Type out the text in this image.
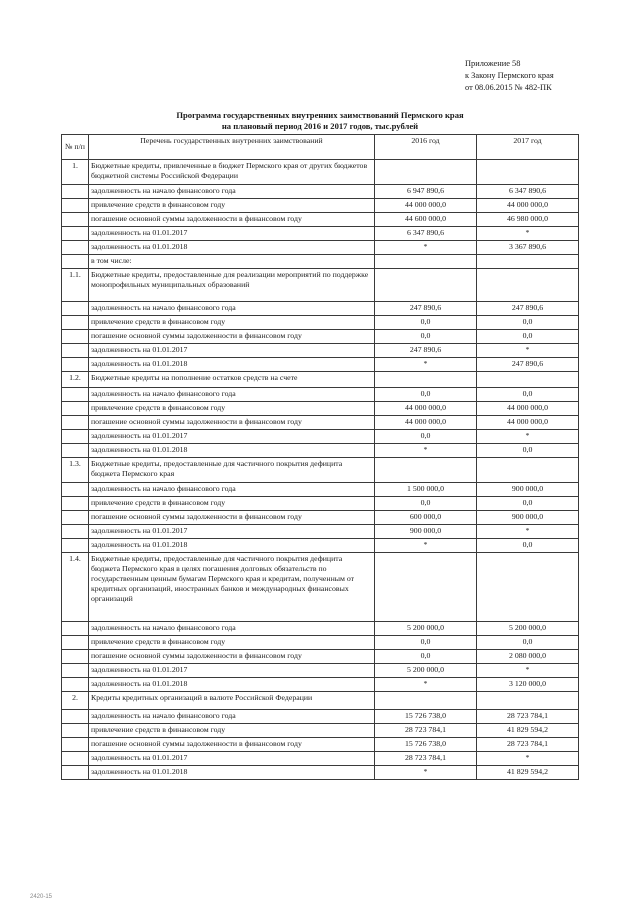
Приложение 58
к Закону Пермского края
от 08.06.2015 № 482-ПК
Программа государственных внутренних заимствований Пермского края
на плановый период 2016 и 2017 годов, тыс.рублей
№ п/п	Перечень государственных внутренних заимствований	2016 год	2017 год
1.	Бюджетные кредиты, привлеченные в бюджет Пермского края от других бюджетов бюджетной системы Российской Федерации		
	задолженность на начало финансового года	6 947 890,6	6 347 890,6
	привлечение средств в финансовом году	44 000 000,0	44 000 000,0
	погашение основной суммы задолженности в финансовом году	44 600 000,0	46 980 000,0
	задолженность на 01.01.2017	6 347 890,6	*
	задолженность на 01.01.2018	*	3 367 890,6
	в том числе:		
1.1.	Бюджетные кредиты, предоставленные для реализации мероприятий по поддержке монопрофильных муниципальных образований		
	задолженность на начало финансового года	247 890,6	247 890,6
	привлечение средств в финансовом году	0,0	0,0
	погашение основной суммы задолженности в финансовом году	0,0	0,0
	задолженность на 01.01.2017	247 890,6	*
	задолженность на 01.01.2018	*	247 890,6
1.2.	Бюджетные кредиты на пополнение остатков средств на счете		
	задолженность на начало финансового года	0,0	0,0
	привлечение средств в финансовом году	44 000 000,0	44 000 000,0
	погашение основной суммы задолженности в финансовом году	44 000 000,0	44 000 000,0
	задолженность на 01.01.2017	0,0	*
	задолженность на 01.01.2018	*	0,0
1.3.	Бюджетные кредиты, предоставленные для частичного покрытия дефицита бюджета Пермского края		
	задолженность на начало финансового года	1 500 000,0	900 000,0
	привлечение средств в финансовом году	0,0	0,0
	погашение основной суммы задолженности в финансовом году	600 000,0	900 000,0
	задолженность на 01.01.2017	900 000,0	*
	задолженность на 01.01.2018	*	0,0
1.4.	Бюджетные кредиты, предоставленные для частичного покрытия дефицита бюджета Пермского края в целях погашения долговых обязательств по государственным ценным бумагам Пермского края и кредитам, полученным от кредитных организаций, иностранных банков и международных финансовых организаций		
	задолженность на начало финансового года	5 200 000,0	5 200 000,0
	привлечение средств в финансовом году	0,0	0,0
	погашение основной суммы задолженности в финансовом году	0,0	2 080 000,0
	задолженность на 01.01.2017	5 200 000,0	*
	задолженность на 01.01.2018	*	3 120 000,0
2.	Кредиты кредитных организаций в валюте Российской Федерации		
	задолженность на начало финансового года	15 726 738,0	28 723 784,1
	привлечение средств в финансовом году	28 723 784,1	41 829 594,2
	погашение основной суммы задолженности в финансовом году	15 726 738,0	28 723 784,1
	задолженность на 01.01.2017	28 723 784,1	*
	задолженность на 01.01.2018	*	41 829 594,2
2420-15
